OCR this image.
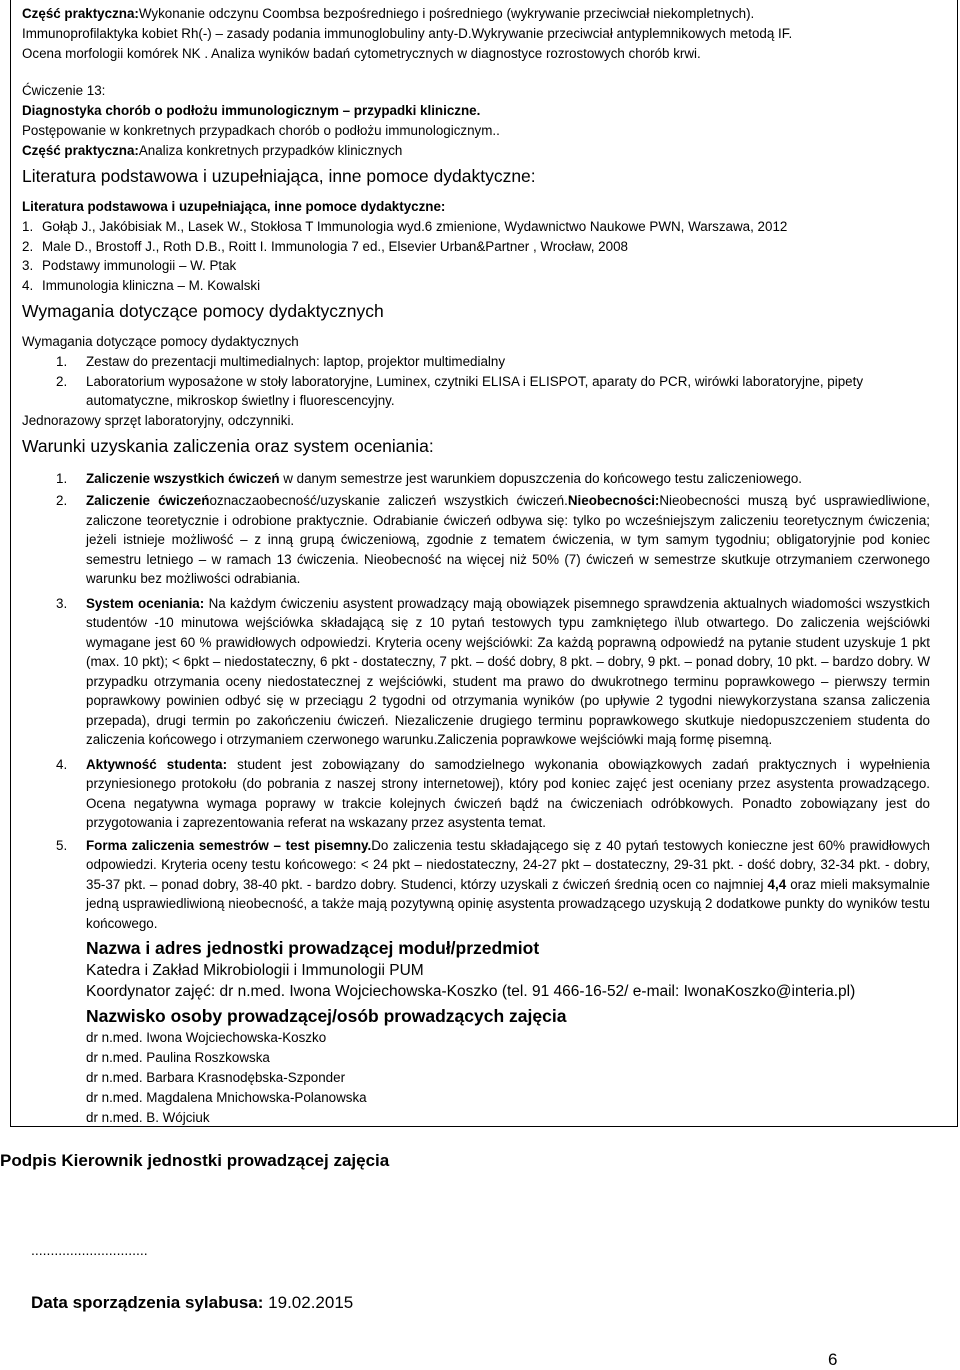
Część praktyczna:Wykonanie odczynu Coombsa bezpośredniego i pośredniego (wykrywanie przeciwciał niekompletnych).
Immunoprofilaktyka kobiet Rh(-) – zasady podania immunoglobuliny anty-D.Wykrywanie przeciwciał antyplemnikowych metodą IF.
Ocena morfologii komórek NK . Analiza wyników badań cytometrycznych w diagnostyce rozrostowych chorób krwi.
Ćwiczenie 13:
Diagnostyka chorób o podłożu immunologicznym – przypadki kliniczne.
Postępowanie w konkretnych przypadkach chorób o podłożu immunologicznym..
Część praktyczna:Analiza konkretnych przypadków klinicznych
Literatura podstawowa i uzupełniająca, inne pomoce dydaktyczne:
Literatura podstawowa i uzupełniająca, inne pomoce dydaktyczne:
1. Gołąb J., Jakóbisiak M., Lasek W., Stokłosa T Immunologia wyd.6 zmienione, Wydawnictwo Naukowe PWN, Warszawa, 2012
2. Male D., Brostoff J., Roth D.B., Roitt I. Immunologia 7 ed., Elsevier Urban&Partner , Wrocław, 2008
3. Podstawy immunologii – W. Ptak
4. Immunologia kliniczna – M. Kowalski
Wymagania dotyczące pomocy dydaktycznych
Wymagania dotyczące pomocy dydaktycznych
1. Zestaw do prezentacji multimedialnych: laptop, projektor multimedialny
2. Laboratorium wyposażone w stoły laboratoryjne, Luminex, czytniki ELISA i ELISPOT, aparaty do PCR, wirówki laboratoryjne, pipety automatyczne, mikroskop świetlny i fluorescencyjny.
Jednorazowy sprzęt laboratoryjny, odczynniki.
Warunki uzyskania zaliczenia oraz system oceniania:
1. Zaliczenie wszystkich ćwiczeń w danym semestrze jest warunkiem dopuszczenia do końcowego testu zaliczeniowego.
2. Zaliczenie ćwiczeńoznaczaobecność/uzyskanie zaliczeń wszystkich ćwiczeń.Nieobecności:Nieobecności muszą być usprawiedliwione, zaliczone teoretycznie i odrobione praktycznie. Odrabianie ćwiczeń odbywa się: tylko po wcześniejszym zaliczeniu teoretycznym ćwiczenia; jeżeli istnieje możliwość – z inną grupą ćwiczeniową, zgodnie z tematem ćwiczenia, w tym samym tygodniu; obligatoryjnie pod koniec semestru letniego – w ramach 13 ćwiczenia. Nieobecność na więcej niż 50% (7) ćwiczeń w semestrze skutkuje otrzymaniem czerwonego warunku bez możliwości odrabiania.
3. System oceniania: Na każdym ćwiczeniu asystent prowadzący mają obowiązek pisemnego sprawdzenia aktualnych wiadomości wszystkich studentów -10 minutowa wejściówka składającą się z 10 pytań testowych typu zamkniętego i\lub otwartego. Do zaliczenia wejściówki wymagane jest 60 % prawidłowych odpowiedzi. Kryteria oceny wejściówki: Za każdą poprawną odpowiedź na pytanie student uzyskuje 1 pkt (max. 10 pkt); < 6pkt – niedostateczny, 6 pkt - dostateczny, 7 pkt. – dość dobry, 8 pkt. – dobry, 9 pkt. – ponad dobry, 10 pkt. – bardzo dobry. W przypadku otrzymania oceny niedostatecznej z wejściówki, student ma prawo do dwukrotnego terminu poprawkowego – pierwszy termin poprawkowy powinien odbyć się w przeciągu 2 tygodni od otrzymania wyników (po upływie 2 tygodni niewykorzystana szansa zaliczenia przepada), drugi termin po zakończeniu ćwiczeń. Niezaliczenie drugiego terminu poprawkowego skutkuje niedopuszczeniem studenta do zaliczenia końcowego i otrzymaniem czerwonego warunku.Zaliczenia poprawkowe wejściówki mają formę pisemną.
4. Aktywność studenta: student jest zobowiązany do samodzielnego wykonania obowiązkowych zadań praktycznych i wypełnienia przyniesionego protokołu (do pobrania z naszej strony internetowej), który pod koniec zajęć jest oceniany przez asystenta prowadzącego. Ocena negatywna wymaga poprawy w trakcie kolejnych ćwiczeń bądź na ćwiczeniach odróbkowych. Ponadto zobowiązany jest do przygotowania i zaprezentowania referat na wskazany przez asystenta temat.
5. Forma zaliczenia semestrów – test pisemny.Do zaliczenia testu składającego się z 40 pytań testowych konieczne jest 60% prawidłowych odpowiedzi. Kryteria oceny testu końcowego: < 24 pkt – niedostateczny, 24-27 pkt – dostateczny, 29-31 pkt. - dość dobry, 32-34 pkt. - dobry, 35-37 pkt. – ponad dobry, 38-40 pkt. - bardzo dobry. Studenci, którzy uzyskali z ćwiczeń średnią ocen co najmniej 4,4 oraz mieli maksymalnie jedną usprawiedliwioną nieobecność, a także mają pozytywną opinię asystenta prowadzącego uzyskują 2 dodatkowe punkty do wyników testu końcowego.
Nazwa i adres jednostki prowadzącej moduł/przedmiot
Katedra i Zakład Mikrobiologii i Immunologii PUM
Koordynator zajęć: dr n.med. Iwona Wojciechowska-Koszko (tel. 91 466-16-52/ e-mail: IwonaKoszko@interia.pl)
Nazwisko osoby prowadzącej/osób prowadzących zajęcia
dr n.med. Iwona Wojciechowska-Koszko
dr n.med. Paulina Roszkowska
dr n.med. Barbara Krasnodębska-Szponder
dr n.med. Magdalena Mnichowska-Polanowska
dr n.med. B. Wójciuk
Podpis Kierownik jednostki prowadzącej zajęcia
..............................
Data sporządzenia sylabusa: 19.02.2015
6
